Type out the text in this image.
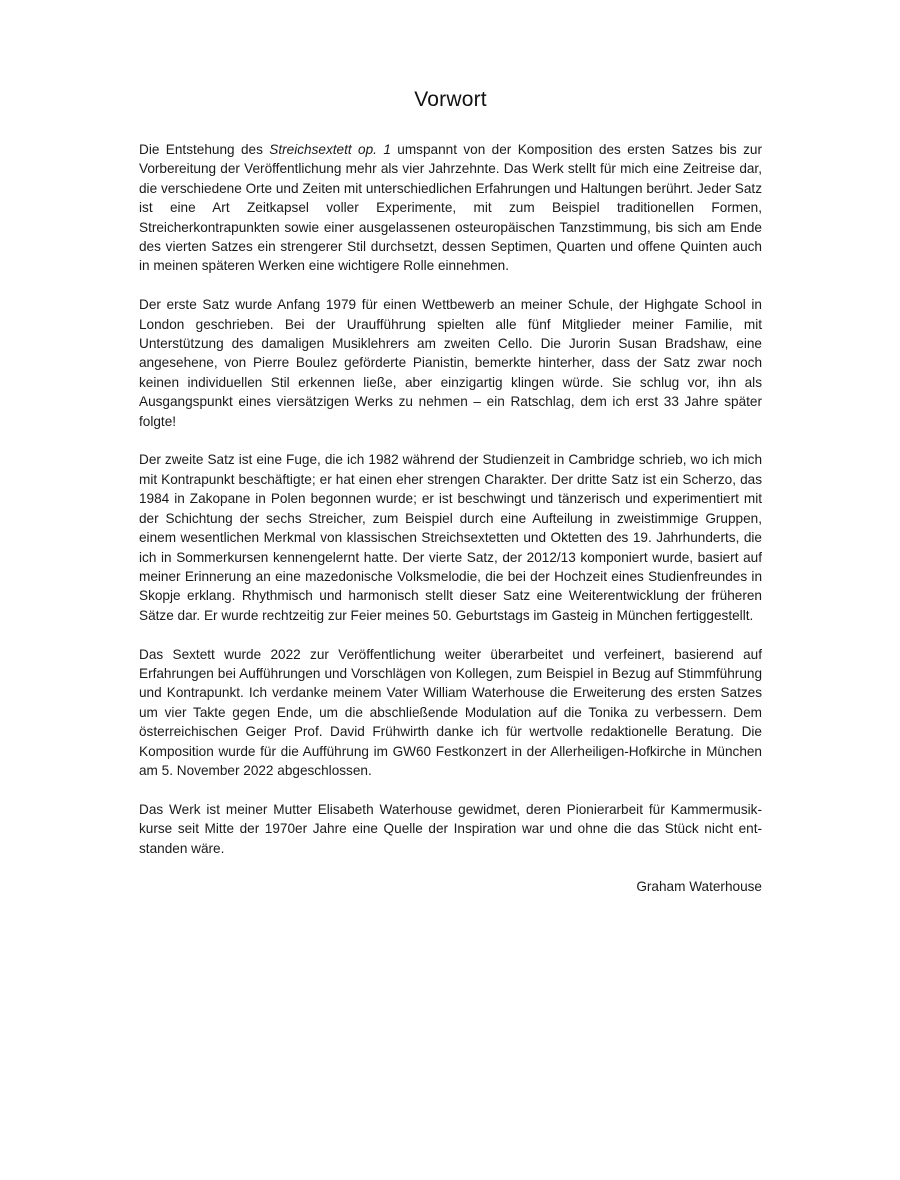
Vorwort

Die Entstehung des Streichsextett op. 1 umspannt von der Komposition des ersten Satzes bis zur Vorbereitung der Veröffentlichung mehr als vier Jahrzehnte. Das Werk stellt für mich eine Zeitreise dar, die verschiedene Orte und Zeiten mit unterschiedlichen Erfahrungen und Haltungen berührt. Jeder Satz ist eine Art Zeitkapsel voller Experimente, mit zum Beispiel traditionellen Formen, Streicherkontrapunkten sowie einer ausgelassenen osteuropäischen Tanzstimmung, bis sich am Ende des vierten Satzes ein strengerer Stil durchsetzt, dessen Septimen, Quarten und offene Quinten auch in meinen späteren Werken eine wichtigere Rolle einnehmen.

Der erste Satz wurde Anfang 1979 für einen Wettbewerb an meiner Schule, der Highgate School in London geschrieben. Bei der Uraufführung spielten alle fünf Mitglieder meiner Familie, mit Unterstützung des damaligen Musiklehrers am zweiten Cello. Die Jurorin Susan Bradshaw, eine angesehene, von Pierre Boulez geförderte Pianistin, bemerkte hinterher, dass der Satz zwar noch keinen individuellen Stil erkennen ließe, aber einzigartig klingen würde. Sie schlug vor, ihn als Ausgangspunkt eines viersätzigen Werks zu nehmen – ein Ratschlag, dem ich erst 33 Jahre später folgte!

Der zweite Satz ist eine Fuge, die ich 1982 während der Studienzeit in Cambridge schrieb, wo ich mich mit Kontrapunkt beschäftigte; er hat einen eher strengen Charakter. Der dritte Satz ist ein Scherzo, das 1984 in Zakopane in Polen begonnen wurde; er ist beschwingt und tänzerisch und experimentiert mit der Schichtung der sechs Streicher, zum Beispiel durch eine Aufteilung in zweistimmige Gruppen, einem wesentlichen Merkmal von klassischen Streichsextetten und Oktetten des 19. Jahrhunderts, die ich in Sommerkursen kennengelernt hatte. Der vierte Satz, der 2012/13 komponiert wurde, basiert auf meiner Erinnerung an eine mazedonische Volksmelodie, die bei der Hochzeit eines Studienfreundes in Skopje erklang. Rhythmisch und harmonisch stellt dieser Satz eine Weiterentwicklung der früheren Sätze dar. Er wurde rechtzeitig zur Feier meines 50. Geburtstags im Gasteig in München fertiggestellt.

Das Sextett wurde 2022 zur Veröffentlichung weiter überarbeitet und verfeinert, basierend auf Erfahrungen bei Aufführungen und Vorschlägen von Kollegen, zum Beispiel in Bezug auf Stimmführung und Kontrapunkt. Ich verdanke meinem Vater William Waterhouse die Erweiterung des ersten Satzes um vier Takte gegen Ende, um die abschließende Modulation auf die Tonika zu verbessern. Dem österreichischen Geiger Prof. David Frühwirth danke ich für wertvolle redaktionelle Beratung. Die Komposition wurde für die Aufführung im GW60 Festkonzert in der Allerheiligen-Hofkirche in München am 5. November 2022 abgeschlossen.

Das Werk ist meiner Mutter Elisabeth Waterhouse gewidmet, deren Pionierarbeit für Kammermusikkurse seit Mitte der 1970er Jahre eine Quelle der Inspiration war und ohne die das Stück nicht entstanden wäre.

Graham Waterhouse
